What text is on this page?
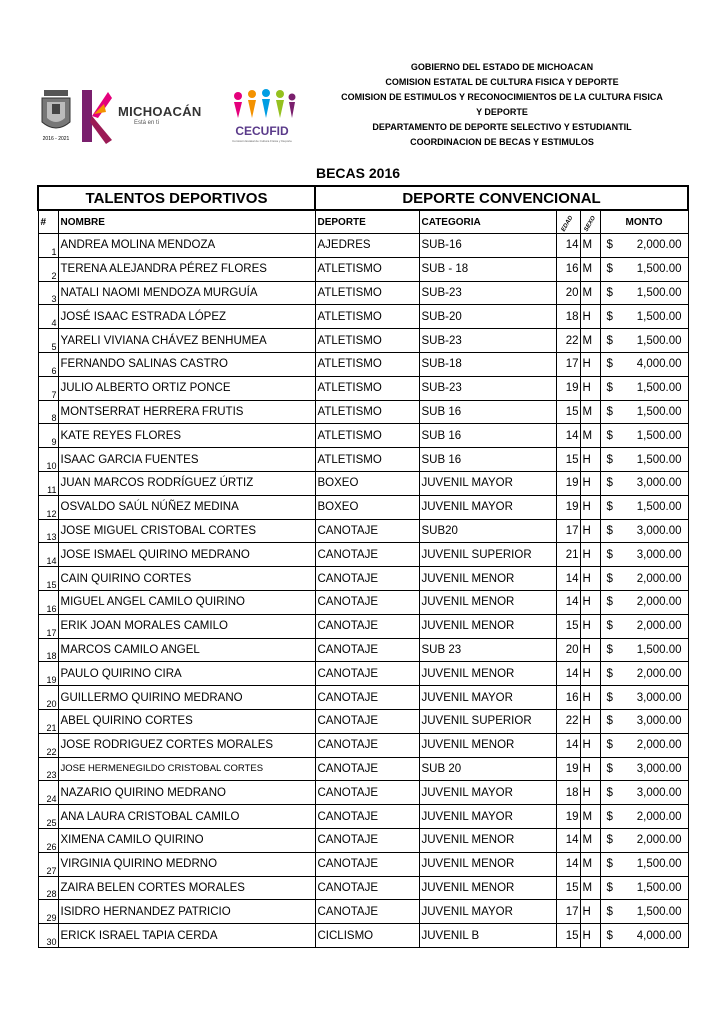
2016 - 2021
MICHOACÁN
Está en ti
CECUFID
Comisión Estatal de Cultura Física y Deporte
GOBIERNO DEL ESTADO DE MICHOACAN
COMISION ESTATAL DE CULTURA FISICA Y DEPORTE
COMISION DE ESTIMULOS Y RECONOCIMIENTOS DE LA CULTURA FISICA
Y DEPORTE
DEPARTAMENTO DE DEPORTE SELECTIVO Y ESTUDIANTIL
COORDINACION DE BECAS Y ESTIMULOS
BECAS 2016
TALENTOS DEPORTIVOS		DEPORTE CONVENCIONAL				
#	NOMBRE	DEPORTE	CATEGORIA	EDAD	SEXO	MONTO
1	ANDREA MOLINA MENDOZA	AJEDRES	SUB-16	14	M	$ 2,000.00

2	TERENA ALEJANDRA PÉREZ FLORES	ATLETISMO	SUB - 18	16	M	$ 1,500.00

3	NATALI NAOMI MENDOZA MURGUÍA	ATLETISMO	SUB-23	20	M	$ 1,500.00

4	JOSÉ ISAAC ESTRADA LÓPEZ	ATLETISMO	SUB-20	18	H	$ 1,500.00

5	YARELI VIVIANA CHÁVEZ BENHUMEA	ATLETISMO	SUB-23	22	M	$ 1,500.00

6	FERNANDO SALINAS CASTRO	ATLETISMO	SUB-18	17	H	$ 4,000.00

7	JULIO ALBERTO ORTIZ PONCE	ATLETISMO	SUB-23	19	H	$ 1,500.00

8	MONTSERRAT HERRERA FRUTIS	ATLETISMO	SUB 16	15	M	$ 1,500.00

9	KATE REYES FLORES	ATLETISMO	SUB 16	14	M	$ 1,500.00

10	ISAAC GARCIA FUENTES	ATLETISMO	SUB 16	15	H	$ 1,500.00

11	JUAN MARCOS RODRÍGUEZ ÚRTIZ	BOXEO	JUVENIL MAYOR	19	H	$ 3,000.00

12	OSVALDO SAÚL NÚÑEZ MEDINA	BOXEO	JUVENIL MAYOR	19	H	$ 1,500.00

13	JOSE MIGUEL CRISTOBAL CORTES	CANOTAJE	SUB20	17	H	$ 3,000.00

14	JOSE ISMAEL QUIRINO MEDRANO	CANOTAJE	JUVENIL SUPERIOR	21	H	$ 3,000.00

15	CAIN QUIRINO CORTES	CANOTAJE	JUVENIL MENOR	14	H	$ 2,000.00

16	MIGUEL ANGEL CAMILO QUIRINO	CANOTAJE	JUVENIL MENOR	14	H	$ 2,000.00

17	ERIK JOAN MORALES CAMILO	CANOTAJE	JUVENIL MENOR	15	H	$ 2,000.00

18	MARCOS CAMILO ANGEL	CANOTAJE	SUB 23	20	H	$ 1,500.00

19	PAULO QUIRINO CIRA	CANOTAJE	JUVENIL MENOR	14	H	$ 2,000.00

20	GUILLERMO QUIRINO MEDRANO	CANOTAJE	JUVENIL MAYOR	16	H	$ 3,000.00

21	ABEL QUIRINO CORTES	CANOTAJE	JUVENIL SUPERIOR	22	H	$ 3,000.00

22	JOSE RODRIGUEZ CORTES MORALES	CANOTAJE	JUVENIL MENOR	14	H	$ 2,000.00

23	JOSE HERMENEGILDO CRISTOBAL CORTES	CANOTAJE	SUB 20	19	H	$ 3,000.00

24	NAZARIO QUIRINO MEDRANO	CANOTAJE	JUVENIL MAYOR	18	H	$ 3,000.00

25	ANA LAURA CRISTOBAL CAMILO	CANOTAJE	JUVENIL MAYOR	19	M	$ 2,000.00

26	XIMENA CAMILO QUIRINO	CANOTAJE	JUVENIL MENOR	14	M	$ 2,000.00

27	VIRGINIA QUIRINO MEDRNO	CANOTAJE	JUVENIL MENOR	14	M	$ 1,500.00

28	ZAIRA BELEN CORTES MORALES	CANOTAJE	JUVENIL MENOR	15	M	$ 1,500.00

29	ISIDRO HERNANDEZ PATRICIO	CANOTAJE	JUVENIL MAYOR	17	H	$ 1,500.00

30	ERICK ISRAEL TAPIA CERDA	CICLISMO	JUVENIL B	15	H	$ 4,000.00
